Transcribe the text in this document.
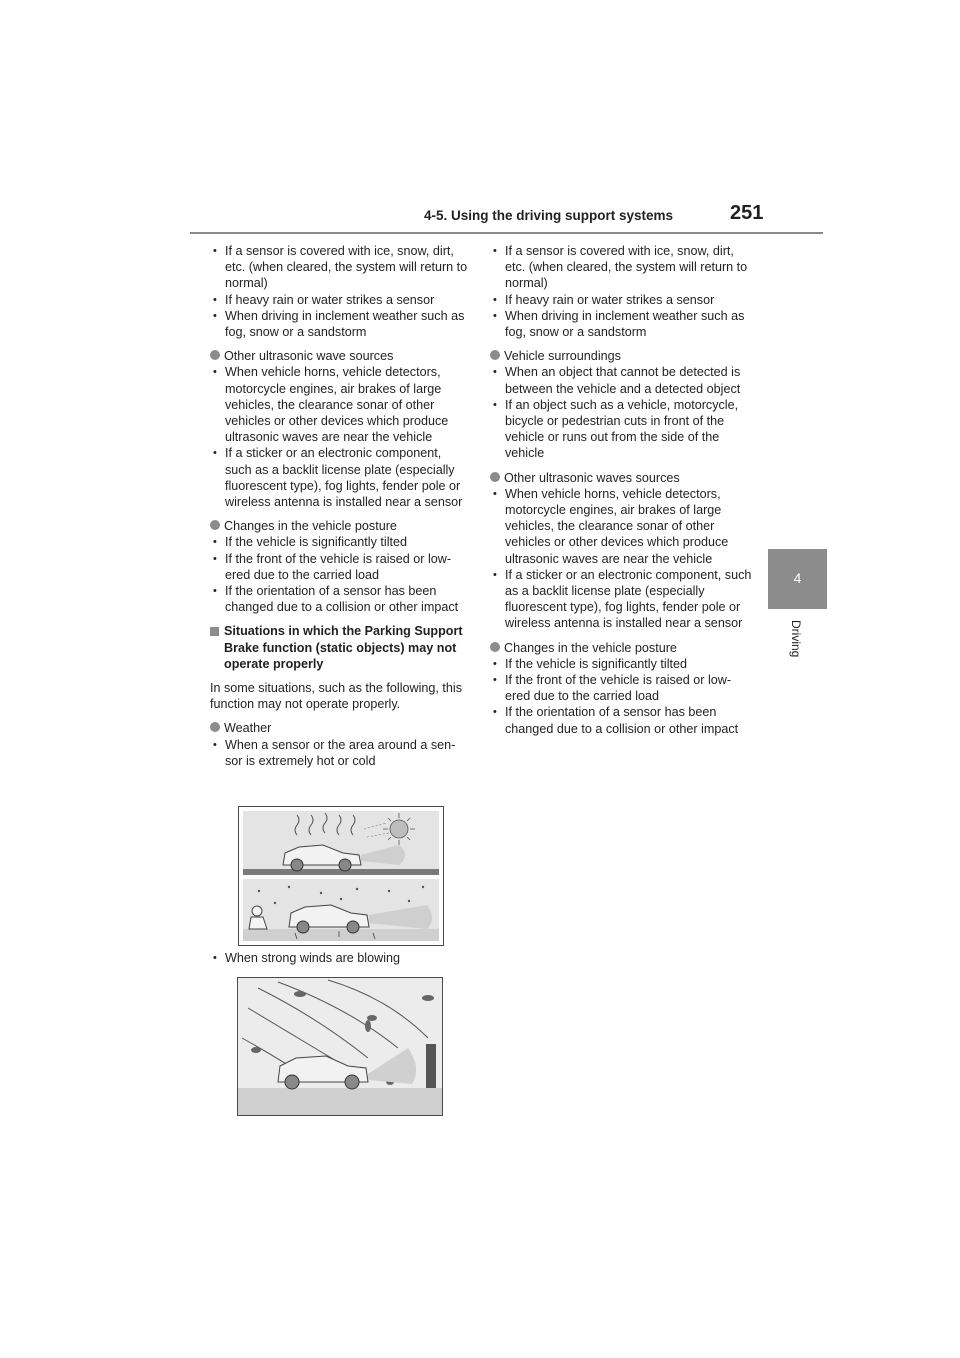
4-5. Using the driving support systems	251
4
Driving
• If a sensor is covered with ice, snow, dirt, etc. (when cleared, the system will return to normal)
• If heavy rain or water strikes a sensor
• When driving in inclement weather such as fog, snow or a sandstorm
Other ultrasonic wave sources
• When vehicle horns, vehicle detectors, motorcycle engines, air brakes of large vehicles, the clearance sonar of other vehicles or other devices which produce ultrasonic waves are near the vehicle
• If a sticker or an electronic component, such as a backlit license plate (especially fluorescent type), fog lights, fender pole or wireless antenna is installed near a sensor
Changes in the vehicle posture
• If the vehicle is significantly tilted
• If the front of the vehicle is raised or low-ered due to the carried load
• If the orientation of a sensor has been changed due to a collision or other impact
Situations in which the Parking Support Brake function (static objects) may not operate properly
In some situations, such as the following, this function may not operate properly.
Weather
• When a sensor or the area around a sen-sor is extremely hot or cold
• When strong winds are blowing
• If a sensor is covered with ice, snow, dirt, etc. (when cleared, the system will return to normal)
• If heavy rain or water strikes a sensor
• When driving in inclement weather such as fog, snow or a sandstorm
Vehicle surroundings
• When an object that cannot be detected is between the vehicle and a detected object
• If an object such as a vehicle, motorcycle, bicycle or pedestrian cuts in front of the vehicle or runs out from the side of the vehicle
Other ultrasonic waves sources
• When vehicle horns, vehicle detectors, motorcycle engines, air brakes of large vehicles, the clearance sonar of other vehicles or other devices which produce ultrasonic waves are near the vehicle
• If a sticker or an electronic component, such as a backlit license plate (especially fluorescent type), fog lights, fender pole or wireless antenna is installed near a sensor
Changes in the vehicle posture
• If the vehicle is significantly tilted
• If the front of the vehicle is raised or low-ered due to the carried load
• If the orientation of a sensor has been changed due to a collision or other impact
